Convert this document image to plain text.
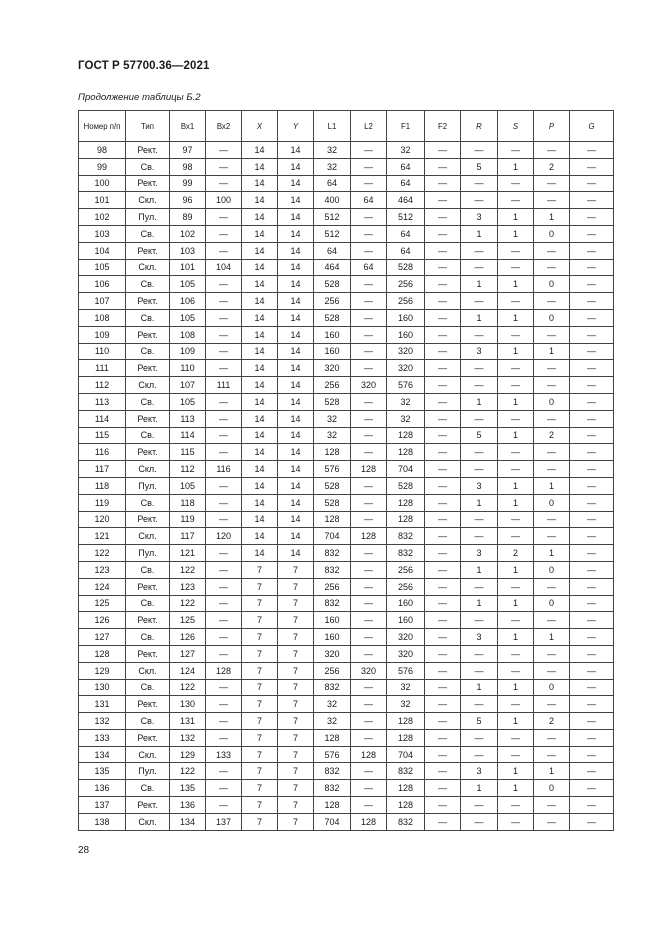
ГОСТ Р 57700.36—2021
Продолжение таблицы Б.2
Номер п/п	Тип	Вх1	Вх2	X	Y	L1	L2	F1	F2	R	S	P	G
98	Рект.	97	—	14	14	32	—	32	—	—	—	—	—
99	Св.	98	—	14	14	32	—	64	—	5	1	2	—
100	Рект.	99	—	14	14	64	—	64	—	—	—	—	—
101	Скл.	96	100	14	14	400	64	464	—	—	—	—	—
102	Пул.	89	—	14	14	512	—	512	—	3	1	1	—
103	Св.	102	—	14	14	512	—	64	—	1	1	0	—
104	Рект.	103	—	14	14	64	—	64	—	—	—	—	—
105	Скл.	101	104	14	14	464	64	528	—	—	—	—	—
106	Св.	105	—	14	14	528	—	256	—	1	1	0	—
107	Рект.	106	—	14	14	256	—	256	—	—	—	—	—
108	Св.	105	—	14	14	528	—	160	—	1	1	0	—
109	Рект.	108	—	14	14	160	—	160	—	—	—	—	—
110	Св.	109	—	14	14	160	—	320	—	3	1	1	—
111	Рект.	110	—	14	14	320	—	320	—	—	—	—	—
112	Скл.	107	111	14	14	256	320	576	—	—	—	—	—
113	Св.	105	—	14	14	528	—	32	—	1	1	0	—
114	Рект.	113	—	14	14	32	—	32	—	—	—	—	—
115	Св.	114	—	14	14	32	—	128	—	5	1	2	—
116	Рект.	115	—	14	14	128	—	128	—	—	—	—	—
117	Скл.	112	116	14	14	576	128	704	—	—	—	—	—
118	Пул.	105	—	14	14	528	—	528	—	3	1	1	—
119	Св.	118	—	14	14	528	—	128	—	1	1	0	—
120	Рект.	119	—	14	14	128	—	128	—	—	—	—	—
121	Скл.	117	120	14	14	704	128	832	—	—	—	—	—
122	Пул.	121	—	14	14	832	—	832	—	3	2	1	—
123	Св.	122	—	7	7	832	—	256	—	1	1	0	—
124	Рект.	123	—	7	7	256	—	256	—	—	—	—	—
125	Св.	122	—	7	7	832	—	160	—	1	1	0	—
126	Рект.	125	—	7	7	160	—	160	—	—	—	—	—
127	Св.	126	—	7	7	160	—	320	—	3	1	1	—
128	Рект.	127	—	7	7	320	—	320	—	—	—	—	—
129	Скл.	124	128	7	7	256	320	576	—	—	—	—	—
130	Св.	122	—	7	7	832	—	32	—	1	1	0	—
131	Рект.	130	—	7	7	32	—	32	—	—	—	—	—
132	Св.	131	—	7	7	32	—	128	—	5	1	2	—
133	Рект.	132	—	7	7	128	—	128	—	—	—	—	—
134	Скл.	129	133	7	7	576	128	704	—	—	—	—	—
135	Пул.	122	—	7	7	832	—	832	—	3	1	1	—
136	Св.	135	—	7	7	832	—	128	—	1	1	0	—
137	Рект.	136	—	7	7	128	—	128	—	—	—	—	—
138	Скл.	134	137	7	7	704	128	832	—	—	—	—	—
28
